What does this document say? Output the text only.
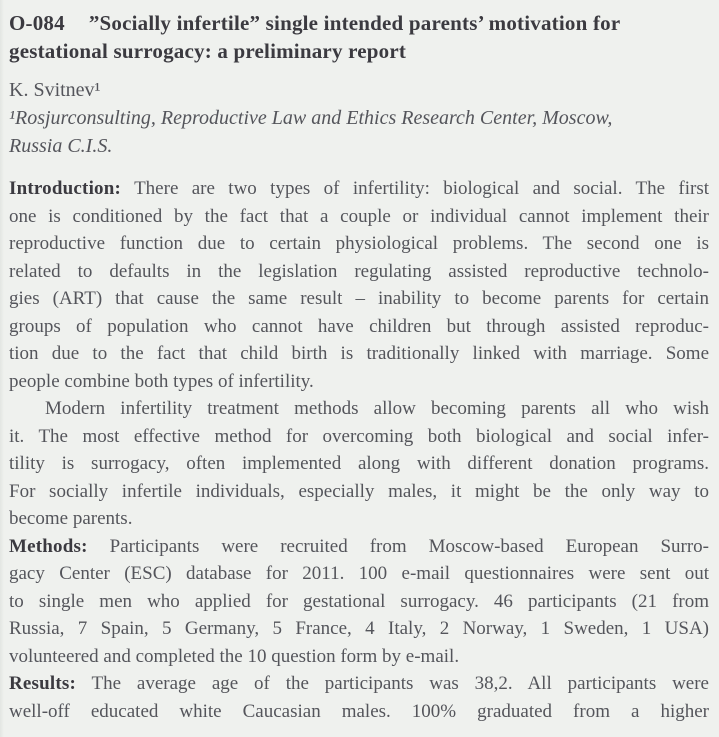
O-084 ”Socially infertile” single intended parents’ motivation for
gestational surrogacy: a preliminary report
K. Svitnev¹
¹Rosjurconsulting, Reproductive Law and Ethics Research Center, Moscow,
Russia C.I.S.
Introduction: There are two types of infertility: biological and social. The first
one is conditioned by the fact that a couple or individual cannot implement their
reproductive function due to certain physiological problems. The second one is
related to defaults in the legislation regulating assisted reproductive technolo-
gies (ART) that cause the same result – inability to become parents for certain
groups of population who cannot have children but through assisted reproduc-
tion due to the fact that child birth is traditionally linked with marriage. Some
people combine both types of infertility.
Modern infertility treatment methods allow becoming parents all who wish
it. The most effective method for overcoming both biological and social infer-
tility is surrogacy, often implemented along with different donation programs.
For socially infertile individuals, especially males, it might be the only way to
become parents.
Methods: Participants were recruited from Moscow-based European Surro-
gacy Center (ESC) database for 2011. 100 e-mail questionnaires were sent out
to single men who applied for gestational surrogacy. 46 participants (21 from
Russia, 7 Spain, 5 Germany, 5 France, 4 Italy, 2 Norway, 1 Sweden, 1 USA)
volunteered and completed the 10 question form by e-mail.
Results: The average age of the participants was 38,2. All participants were
well-off educated white Caucasian males. 100% graduated from a higher
